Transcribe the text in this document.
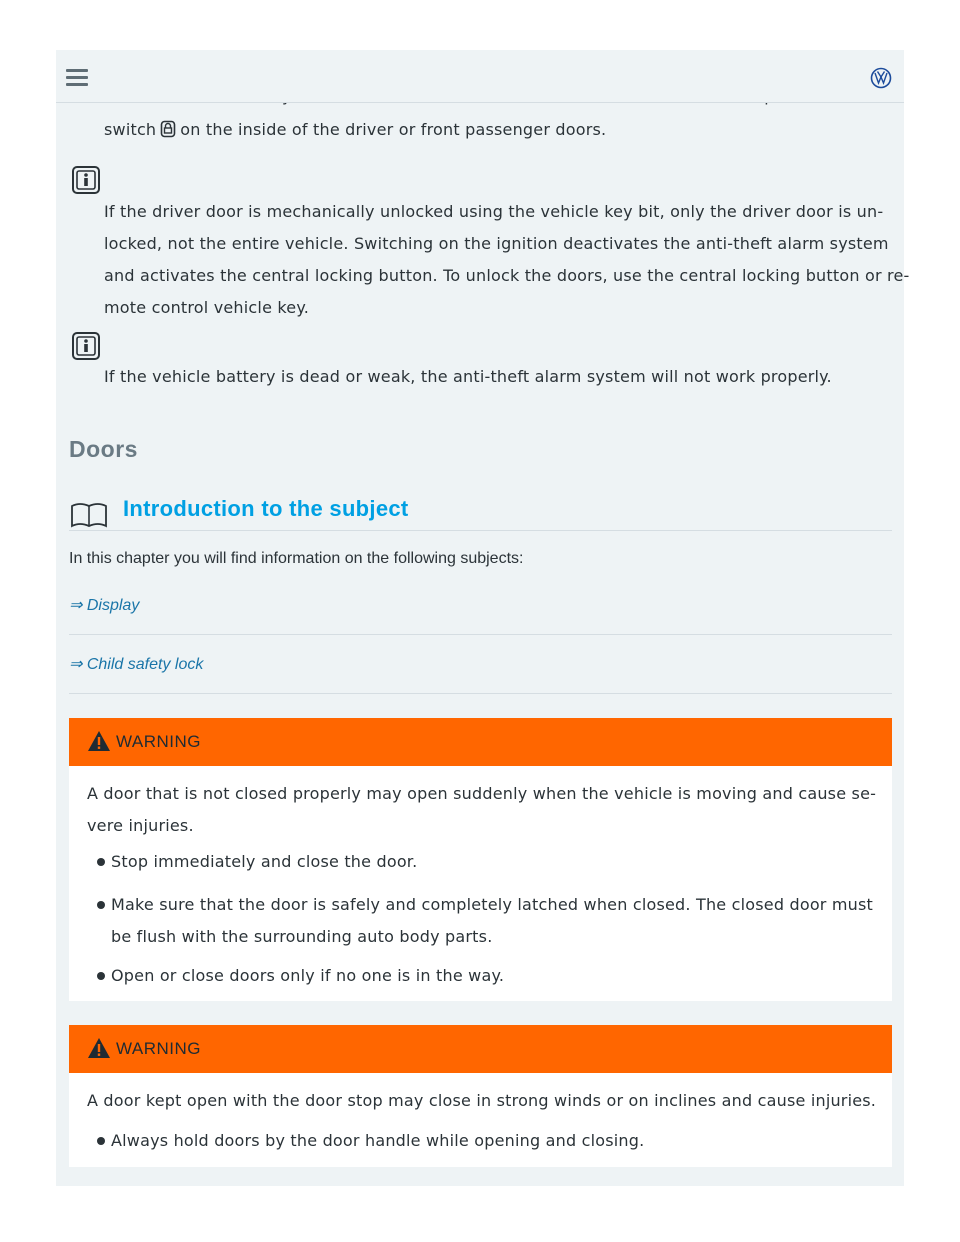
switch on the inside of the driver or front passenger doors.
If the driver door is mechanically unlocked using the vehicle key bit, only the driver door is un-
locked, not the entire vehicle. Switching on the ignition deactivates the anti-theft alarm system
and activates the central locking button. To unlock the doors, use the central locking button or re-
mote control vehicle key.
If the vehicle battery is dead or weak, the anti-theft alarm system will not work properly.
Doors
Introduction to the subject
In this chapter you will find information on the following subjects:
⇒ Display
⇒ Child safety lock
WARNING
A door that is not closed properly may open suddenly when the vehicle is moving and cause se-
vere injuries.
Stop immediately and close the door.
Make sure that the door is safely and completely latched when closed. The closed door must
be flush with the surrounding auto body parts.
Open or close doors only if no one is in the way.
WARNING
A door kept open with the door stop may close in strong winds or on inclines and cause injuries.
Always hold doors by the door handle while opening and closing.
